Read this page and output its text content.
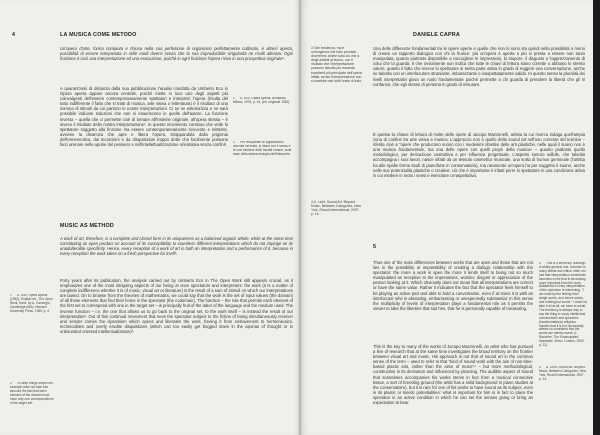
4	LA MUSICA COME METODO
Un'opera d'arte, forma compiuta e chiusa nella sua perfezione di organismo perfettamente calibrato, è altresì aperta, possibilità di essere interpretata in mille modi diversi senza che la sua irriproducibile singolarità ne risulti alterata. Ogni fruizione è così una interpretazione ed una esecuzione, poiché in ogni fruizione l'opera rivive in una prospettiva originale¹.
A quarant'anni di distanza dalla sua pubblicazione l'analisi condotta da Umberto Eco in Opera aperta appare ancora centrale, poiché mette in luce uno degli aspetti più coinvolgenti dell'essere contemporaneamente spettatori e interpreti: l'opera (risulta del tutto indifferente il fatto che si tratti di musica, arte visiva o letteratura) è il risultato di una somma di stimoli da cui partono le nostre interpretazioni. Ci se ne esteriorizza e ne sarà possibile indicare soluzioni che non si esauriscono in quelle dell'autore. La funzione inversa – quella che ci permette cioè di tornare all'insieme originale, all'opera stessa – è invece il risultato della nostra interpretazione². In questo movimento continuo che vede lo spettatore soggetto alla finzione ma essere contemporaneamente ricevente e mittente, avviene la dinamica che apre e libera l'opera, strappandola dalla prigionia dell'ermeneutica, dai tecnicismi e da disquisizioni troppo dotte che facilmente possono farci arenare nelle aporie del pensiero e nell'intellettualizzazione orientativa senza confini³.
1 U. Eco, Opera Aperta, Bompiani, Milano, 1976, p. 34, (ed. originale 1962).
2 Per recuperare le significazioni ricevute nel testo, si ritorni con il senso e le voci decisive delle facoltà umane, sulla base della stessa sinergia dell'interprete.
MUSIC AS METHOD
A work of art, therefore, is a complete and closed form in its uniqueness as a balanced organic whole, while at the same time constituting an open product on account of its susceptibility to countless different interpretations which do not impinge on its unadulterable specificity. Hence, every reception of a work of art is both an interpretation and a performance of it, because in every reception the work takes on a fresh perspective for itself¹.
Forty years after its publication, the analysis carried out by Umberto Eco in The Open Work still appears crucial, as it emphasizes one of the most intriguing aspects of our being at once spectators and interpreters: the work (it is a matter of complete indifference whether it is of music, visual art or literature) is the result of a sum of stimuli on which our interpretations are based. On to browse from the theories of mathematics, we could say that the work is the set of input values (the domain) of all those elements that find their home in the spectator (the codomain). The function – the rule that permits each element of the first set to correspond with one in the target set – is principally fruit of the labor of the language and the medium used. The inverse function – i.e. the one that allows us to go back to the original set, to the work itself – is instead the result of our interpretation². Out of this continual movement that sees the spectator subject to the fiction of being simultaneously receiver and sender comes the dynamism which opens and liberates the work, freeing it from enslavement to hermeneutics, technicalities and overly erudite disquisitions (which can too easily get bogged down in the aporias of thought or in unbounded oriented intellectualization)³.
1 U. Eco, Opera Aperta (1962). English ed., The Open Work, trans. by A. Cancogni, Cambridge (MA): Harvard University Press, 1989, p. 4.
2 To keep things simple the example does not take into account the fact that each element of the domain must have only one correspondence in the target set.
DANIELE CAPRA
3 Tale tendenza, ma è un'esigenza che tutto pervade, dovremmo anche tutto ciò che a degli addetti al lavoro, con il risultato che l'interpretazione possono talvolta pur essendo eccellenti più principale dell'opera: infatti, senza l'interpretazione non si sarebbe mai tutto l'esito di tutto.
4 A. Licht, Sound Art. Beyond Music, Between Categories, New York, Rizzoli International, 2007, p. 14.
Una delle differenze fondamentali tra le opere aperte e quelle che non lo sono sta quindi nella possibilità o meno di creare un rapporto dialogico con chi la fruisce: più un'opera è aperta e più si presta a essere non tanto manipolata, quanto piuttosto disponibile a raccogliere le impressioni, lo stupore, il disgusto o l'apprezzamento di colui che la guarda. Il che ovviamente non indica che tutte le chiavi di lettura siano corrette o abbiano lo stesso valore, quanto il fatto che invece lo spettatore si senta parte attiva in grado di reggere una conversazione, anche se talvolta con un interlocutore straniante, imbarazzante o inaspettatamente valido. In questo senso la pluralità dei livelli interpretativi giova un ruolo fondamentale poiché permette a chi guarda di prendere la libertà che gli si confanno, che egli stesso di persona in grado di misurare.
È questa la chiave di lettura di molte delle opere di Jacopo Mazzonelli, artista la cui ricerca indaga quell'ampia zona di confine tra arte visiva e musica. L'approccio non è quello della sound art nell'uso corrente del termine – riferita cioè a "opere che producono suono con i medesimi obiettivi delle arti plastiche, nelle quali il suono non è una musica fondamentale, ma una delle opere con quelli propri della musica⁴ – quanto piuttosto quello metodologico, per derivazione costruttiva e per influenza progettuale. L'aspetto sonoro udibile, che talvolta accompagna i suoi lavori, nasce infatti da un tessuto cosmetico musicale, una sorta di humus germinale (l'artista ha alle spalle forme studi di pianoforte in conservatorio), ma raramente un'opera ha per soggetto il suono, anche nelle sue potenzialità plastiche o creative: ciò che è importante è infatti porre lo spettatore in una condizione attiva in cui mettere in moto i sensi e esercitare un'aspettativa.
5
Thus one of the main differences between works that are open and those that are not lies in the possibility or impossibility of creating a dialogic relationship with the spectator: the more a work is open the more it lends itself to being not so much manipulated as receptive to the impressions, wonder, disgust or appreciation of the person looking at it. Which obviously does not mean that all interpretations are correct or have the same value. Rather it indicates the fact that the spectator feels himself to be playing an active part and able to hold a conversation, even if at times it is with an interlocutor who is alienating, embarrassing or unexpectedly substantial. In this sense the multiplicity of levels of interpretation plays a fundamental role as it permits the viewer to take the liberties that suit him, that he is personally capable of measuring.
This is the key to many of the works of Jacopo Mazzonelli, an artist who has pursued a line of research that at the same time investigates the broad territory on the frontier between visual art and music. His approach is not that of sound art in the common sense of the term – used to refer to that "kind of sound work with the aim of non-time-based plastic arts, rather than the aims of music"⁴ – but more methodological, constructive in its derivation and influenced by planning. The audible aspect of sound that sometimes accompanies his works stems in fact from a musical connective tissue, a sort of breeding ground (the artist has a solid background in piano studies at the conservatoire), but it is rare for one of his works to have sound as its subject, even in its plastic or kinetic potentialities: what is important for him is in fact to place the spectator in an active condition in which he can set the senses going or bring an expectation to bear.
3 This is a tendency, although a wholly general one, common to many artists and critics: often not just that interpretation sometimes assumes a role that is secondary, more important than the work. Baldaterco's every interpretation of the operation is interesting. "I am ruled by the feeling that I weigh words, and hence words, and nothing but words." I shall not take it all at all, we have to admit. The tendency is always only to say the thing in many intellectual constructions and speeches (transformations) religious mystics that it is not necessarily seems so consistent that the words are merely words (J. Rancière, The Emancipated Spectator, Verso, London, 2009, p. 22).
4 A. Licht, Sound Art. Beyond Music, Between Categories, New York, Rizzoli International, 2007, p. 14.
